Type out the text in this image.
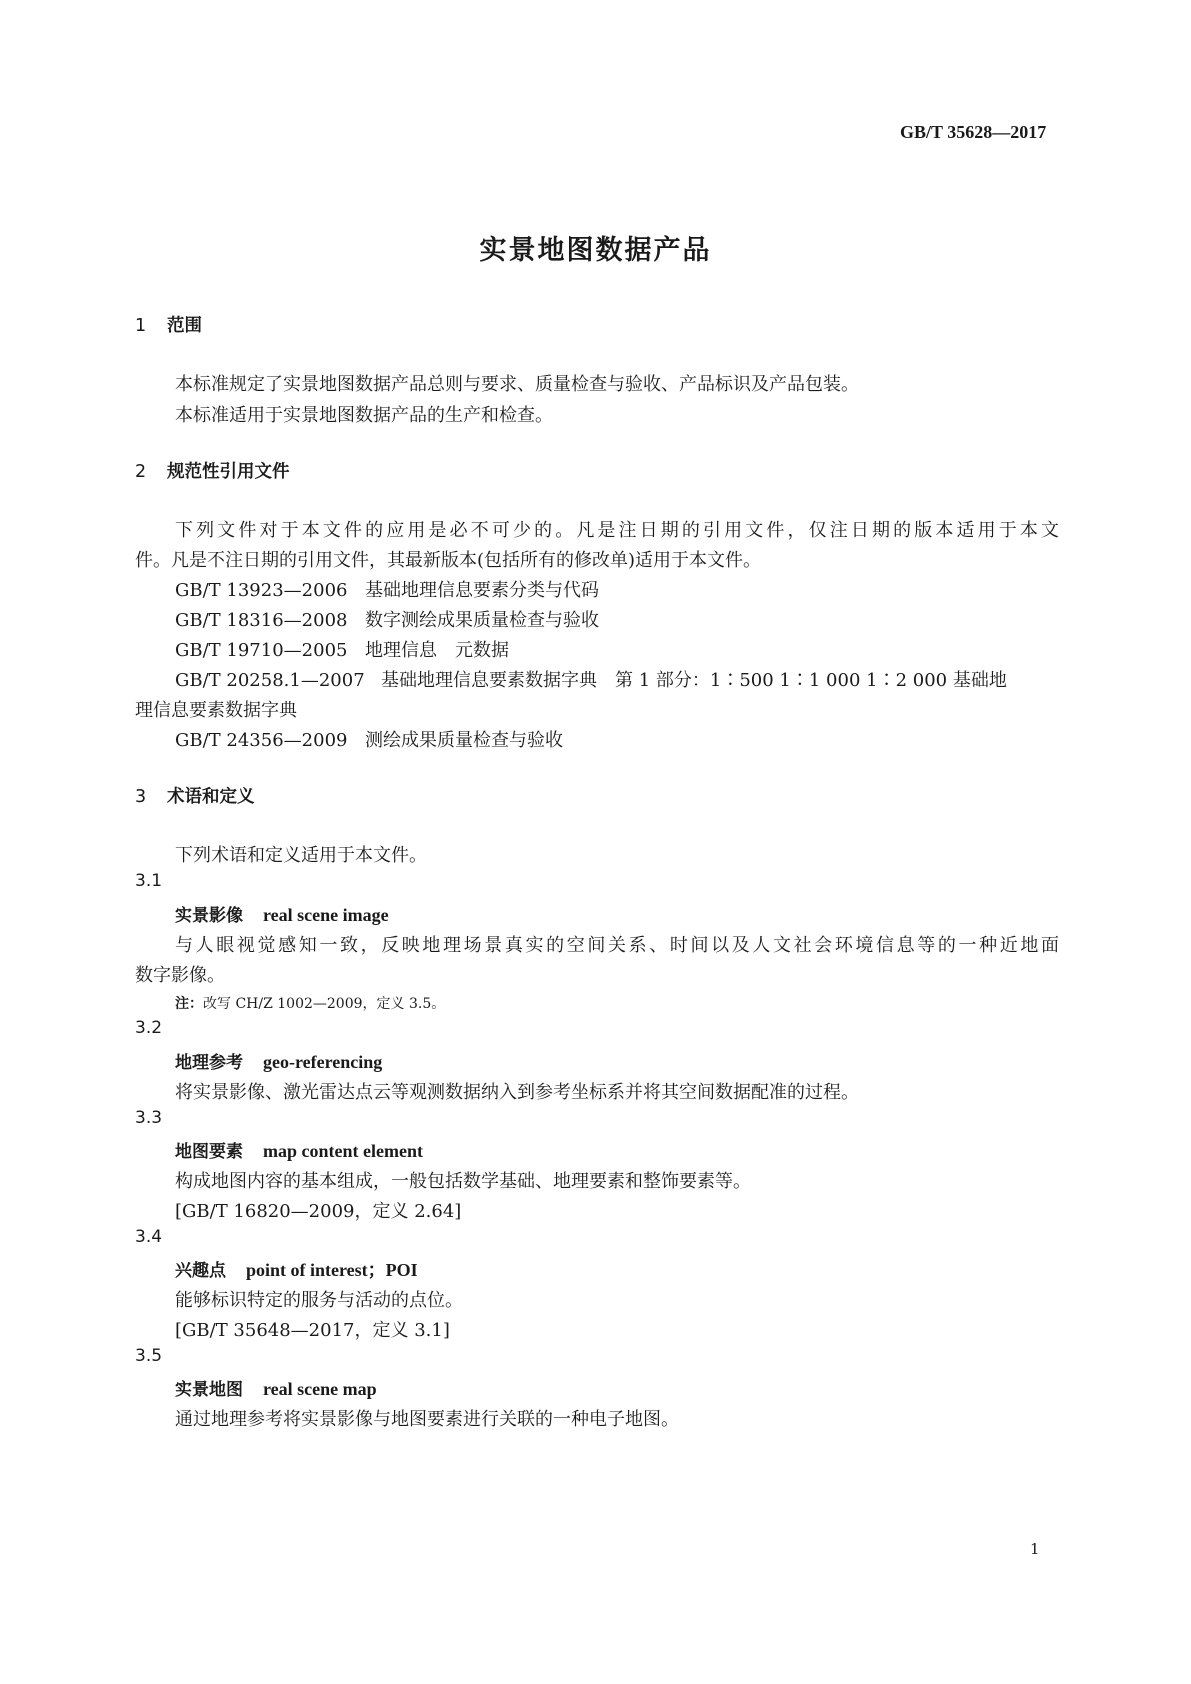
GB/T 35628—2017
实景地图数据产品
1 范围
本标准规定了实景地图数据产品总则与要求、质量检查与验收、产品标识及产品包装。
本标准适用于实景地图数据产品的生产和检查。
2 规范性引用文件
下列文件对于本文件的应用是必不可少的。凡是注日期的引用文件，仅注日期的版本适用于本文
件。凡是不注日期的引用文件，其最新版本(包括所有的修改单)适用于本文件。
GB/T 13923—2006 基础地理信息要素分类与代码
GB/T 18316—2008 数字测绘成果质量检查与验收
GB/T 19710—2005 地理信息　元数据
GB/T 20258.1—2007 基础地理信息要素数据字典　第 1 部分：1∶500 1∶1 000 1∶2 000 基础地
理信息要素数据字典
GB/T 24356—2009 测绘成果质量检查与验收
3 术语和定义
下列术语和定义适用于本文件。
3.1
实景影像 real scene image
与人眼视觉感知一致，反映地理场景真实的空间关系、时间以及人文社会环境信息等的一种近地面
数字影像。
注：改写 CH/Z 1002—2009，定义 3.5。
3.2
地理参考 geo-referencing
将实景影像、激光雷达点云等观测数据纳入到参考坐标系并将其空间数据配准的过程。
3.3
地图要素 map content element
构成地图内容的基本组成，一般包括数学基础、地理要素和整饰要素等。
[GB/T 16820—2009，定义 2.64]
3.4
兴趣点 point of interest；POI
能够标识特定的服务与活动的点位。
[GB/T 35648—2017，定义 3.1]
3.5
实景地图 real scene map
通过地理参考将实景影像与地图要素进行关联的一种电子地图。
1
